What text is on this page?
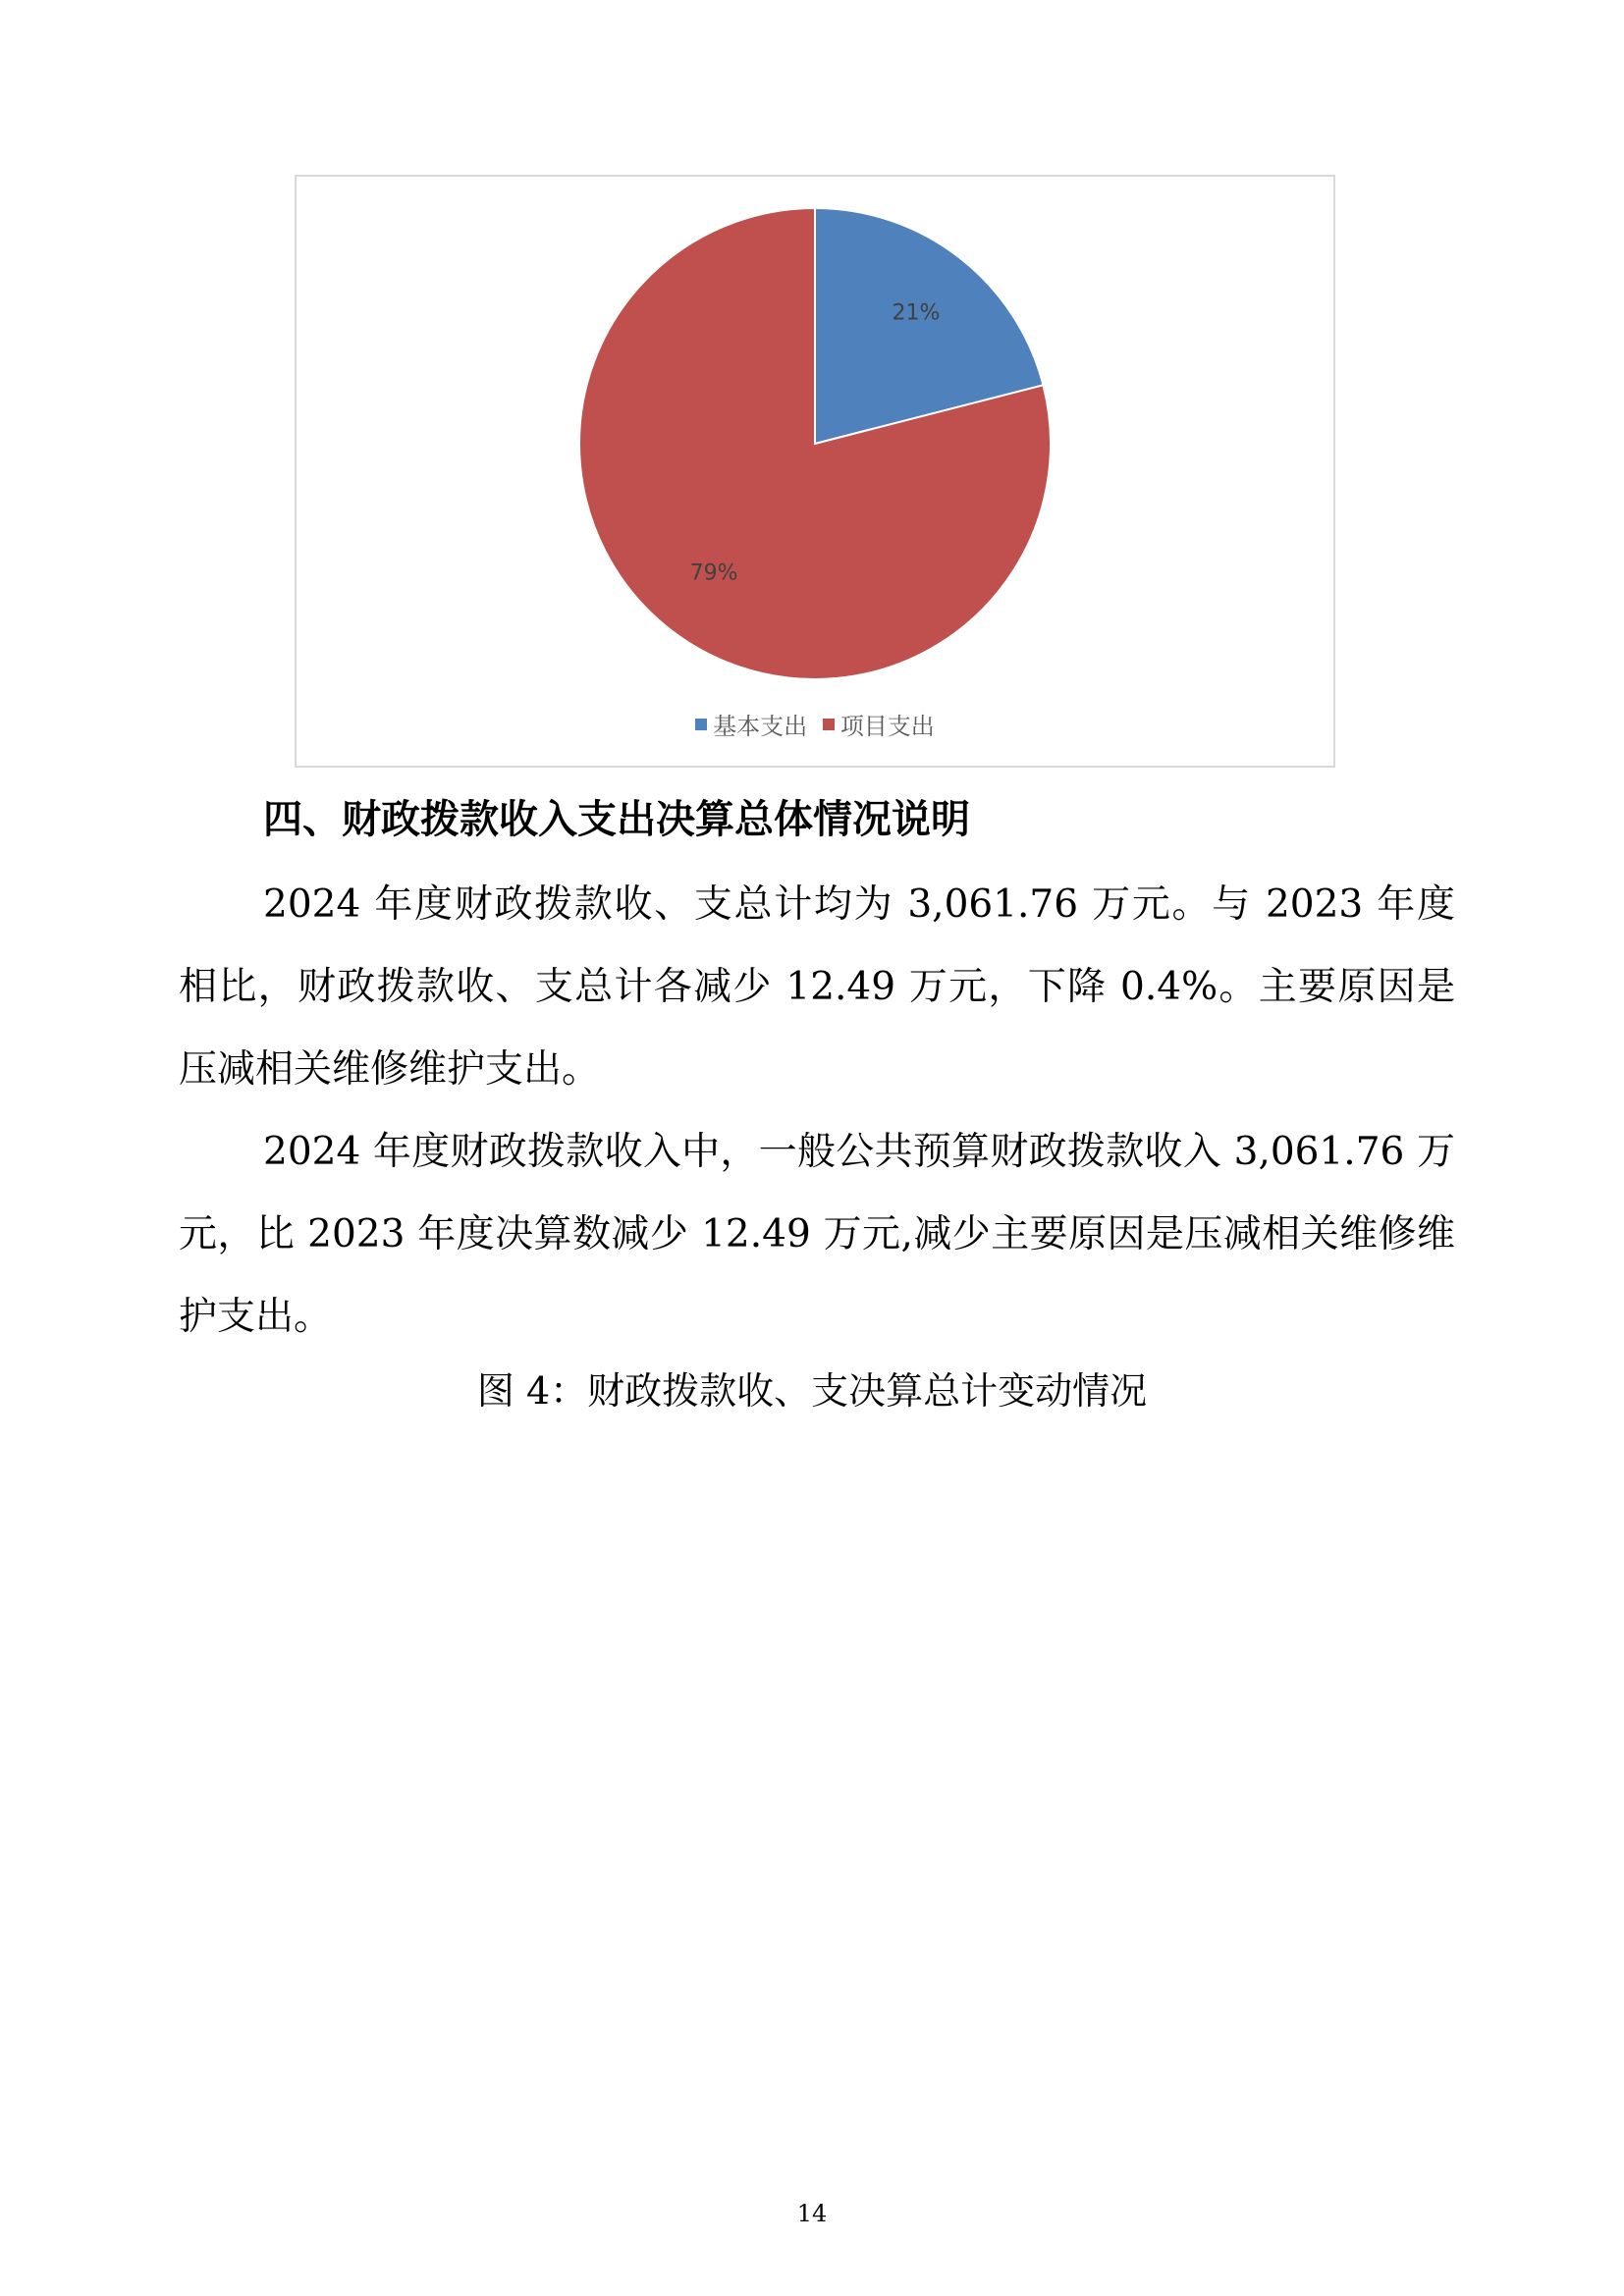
21%
79%
基本支出 项目支出
四、财政拨款收入支出决算总体情况说明

2024 年度财政拨款收、支总计均为 3,061.76 万元。与 2023 年度相比，财政拨款收、支总计各减少 12.49 万元，下降 0.4%。主要原因是压减相关维修维护支出。

2024 年度财政拨款收入中，一般公共预算财政拨款收入 3,061.76 万元，比 2023 年度决算数减少 12.49 万元,减少主要原因是压减相关维修维护支出。

图 4：财政拨款收、支决算总计变动情况
14
